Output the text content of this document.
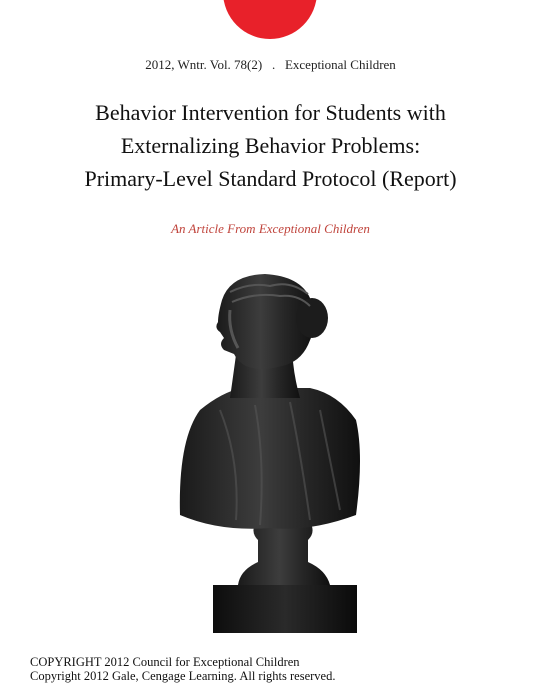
2012, Wntr. Vol. 78(2)   .   Exceptional Children
Behavior Intervention for Students with
Externalizing Behavior Problems:
Primary-Level Standard Protocol (Report)
An Article From Exceptional Children
COPYRIGHT 2012 Council for Exceptional Children
Copyright 2012 Gale, Cengage Learning. All rights reserved.
